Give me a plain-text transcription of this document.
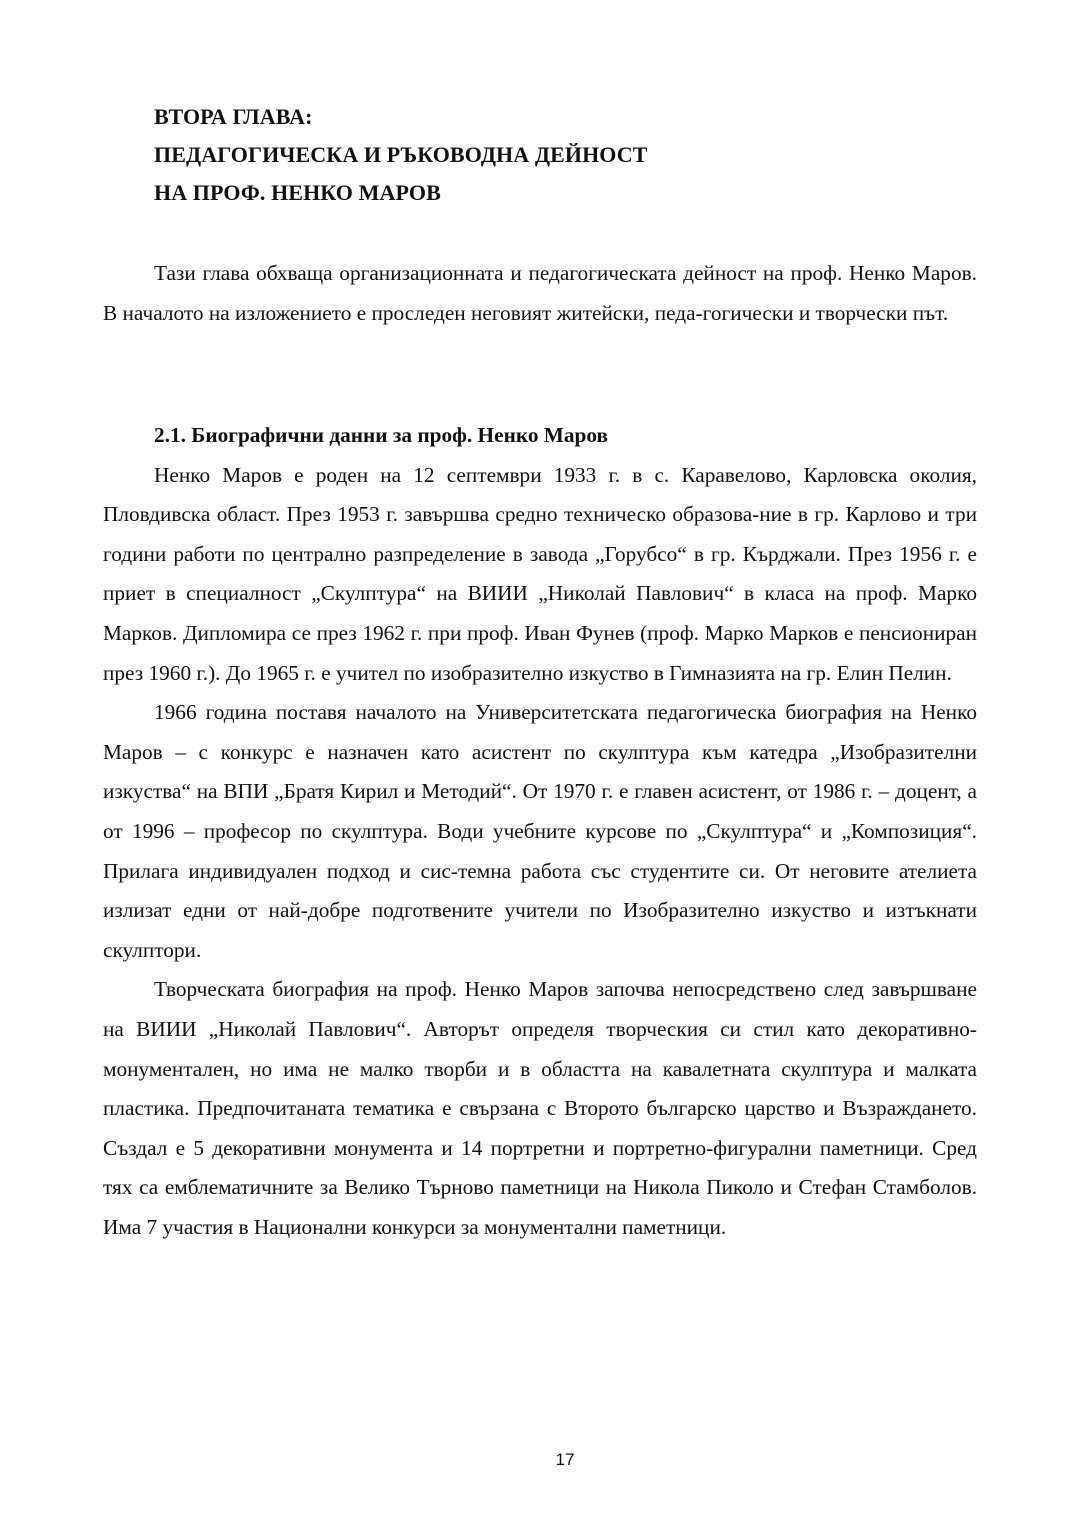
ВТОРА ГЛАВА:
ПЕДАГОГИЧЕСКА И РЪКОВОДНА ДЕЙНОСТ
НА ПРОФ. НЕНКО МАРОВ

Тази глава обхваща организационната и педагогическата дейност на проф. Ненко Маров. В началото на изложението е проследен неговият житейски, педа-гогически и творчески път.

2.1. Биографични данни за проф. Ненко Маров

Ненко Маров е роден на 12 септември 1933 г. в с. Каравелово, Карловска околия, Пловдивска област. През 1953 г. завършва средно техническо образова-ние в гр. Карлово и три години работи по централно разпределение в завода „Горубсо“ в гр. Кърджали. През 1956 г. е приет в специалност „Скулптура“ на ВИИИ „Николай Павлович“ в класа на проф. Марко Марков. Дипломира се през 1962 г. при проф. Иван Фунев (проф. Марко Марков е пенсиониран през 1960 г.). До 1965 г. е учител по изобразително изкуство в Гимназията на гр. Елин Пелин.

1966 година поставя началото на Университетската педагогическа биография на Ненко Маров – с конкурс е назначен като асистент по скулптура към катедра „Изобразителни изкуства“ на ВПИ „Братя Кирил и Методий“. От 1970 г. е главен асистент, от 1986 г. – доцент, а от 1996 – професор по скулптура. Води учебните курсове по „Скулптура“ и „Композиция“. Прилага индивидуален подход и сис-темна работа със студентите си. От неговите ателиета излизат едни от най-добре подготвените учители по Изобразително изкуство и изтъкнати скулптори.

Творческата биография на проф. Ненко Маров започва непосредствено след завършване на ВИИИ „Николай Павлович“. Авторът определя творческия си стил като декоративно-монументален, но има не малко творби и в областта на кавалетната скулптура и малката пластика. Предпочитаната тематика е свързана с Второто българско царство и Възраждането. Създал е 5 декоративни монумента и 14 портретни и портретно-фигурални паметници. Сред тях са емблематичните за Велико Търново паметници на Никола Пиколо и Стефан Стамболов. Има 7 участия в Национални конкурси за монументални паметници.

17
